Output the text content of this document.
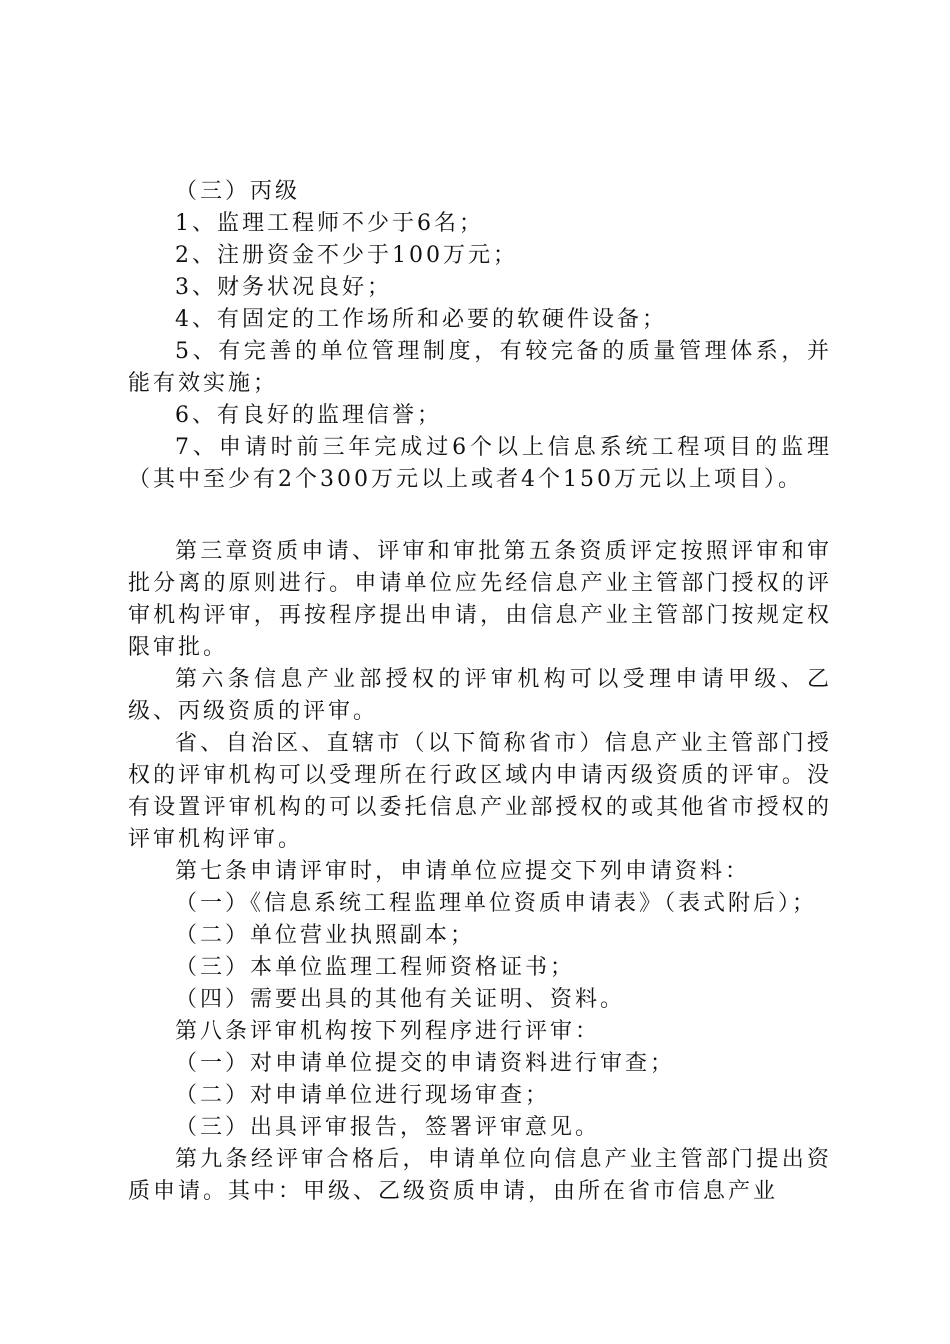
（三）丙级

1、监理工程师不少于6名；

2、注册资金不少于100万元；

3、财务状况良好；

4、有固定的工作场所和必要的软硬件设备；

5、有完善的单位管理制度，有较完备的质量管理体系，并能有效实施；

6、有良好的监理信誉；

7、申请时前三年完成过6个以上信息系统工程项目的监理（其中至少有2个300万元以上或者4个150万元以上项目）。

第三章资质申请、评审和审批第五条资质评定按照评审和审批分离的原则进行。申请单位应先经信息产业主管部门授权的评审机构评审，再按程序提出申请，由信息产业主管部门按规定权限审批。

第六条信息产业部授权的评审机构可以受理申请甲级、乙级、丙级资质的评审。

省、自治区、直辖市（以下简称省市）信息产业主管部门授权的评审机构可以受理所在行政区域内申请丙级资质的评审。没有设置评审机构的可以委托信息产业部授权的或其他省市授权的评审机构评审。

第七条申请评审时，申请单位应提交下列申请资料：

（一）《信息系统工程监理单位资质申请表》（表式附后）；

（二）单位营业执照副本；

（三）本单位监理工程师资格证书；

（四）需要出具的其他有关证明、资料。

第八条评审机构按下列程序进行评审：

（一）对申请单位提交的申请资料进行审查；

（二）对申请单位进行现场审查；

（三）出具评审报告，签署评审意见。

第九条经评审合格后，申请单位向信息产业主管部门提出资质申请。其中：甲级、乙级资质申请，由所在省市信息产业
